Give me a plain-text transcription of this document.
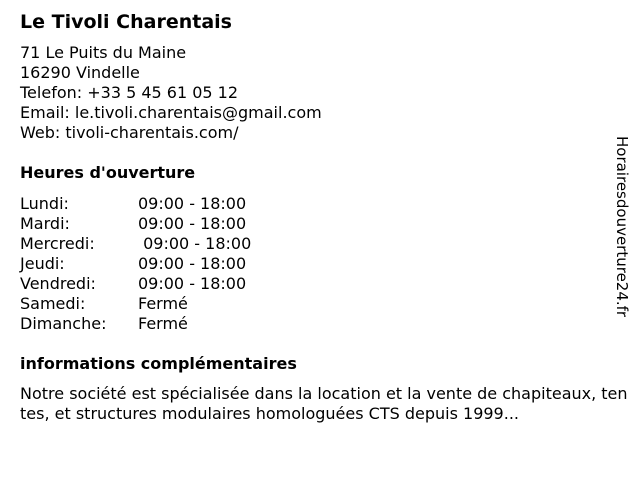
Le Tivoli Charentais
71 Le Puits du Maine
16290 Vindelle
Telefon: +33 5 45 61 05 12
Email: le.tivoli.charentais@gmail.com
Web: tivoli-charentais.com/
Heures d'ouverture
Lundi:	09:00 - 18:00
Mardi:	09:00 - 18:00
Mercredi:	09:00 - 18:00
Jeudi:	09:00 - 18:00
Vendredi:	09:00 - 18:00
Samedi:	Fermé
Dimanche:	Fermé
informations complémentaires
Notre société est spécialisée dans la location et la vente de chapiteaux, tentes, et structures modulaires homologuées CTS depuis 1999...
Horairesdouverture24.fr
